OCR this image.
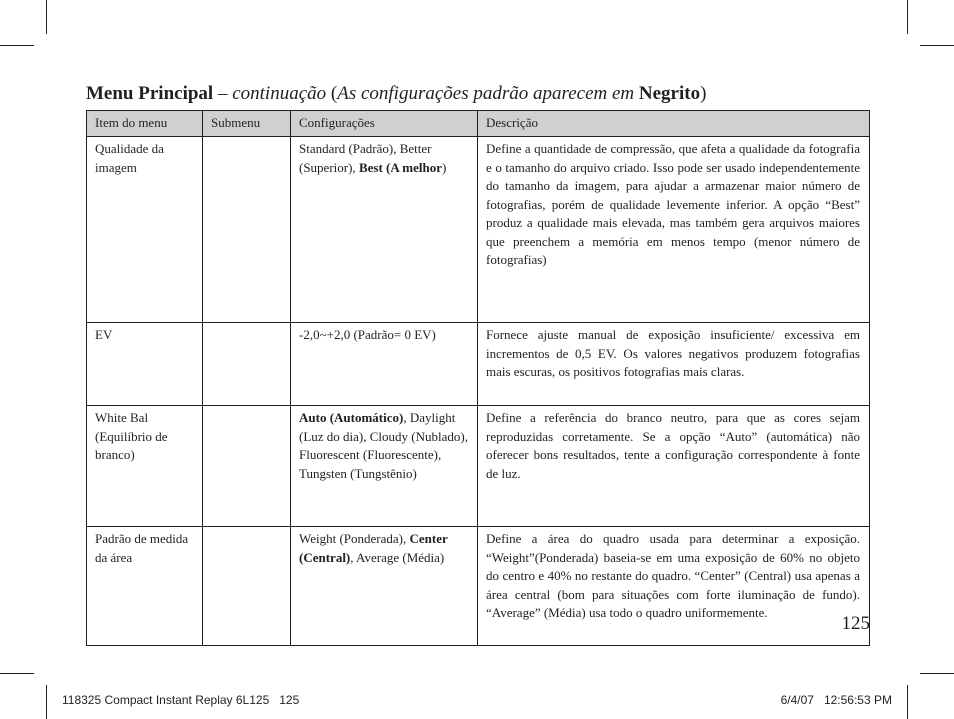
Menu Principal – continuação (As configurações padrão aparecem em Negrito)
Item do menu	Submenu	Configurações	Descrição
Qualidade da imagem		Standard (Padrão), Better (Superior), Best (A melhor)	Define a quantidade de compressão, que afeta a qualidade da fotografia e o tamanho do arquivo criado. Isso pode ser usado independentemente do tamanho da imagem, para ajudar a armazenar maior número de fotografias, porém de qualidade levemente inferior. A opção “Best” produz a qualidade mais elevada, mas também gera arquivos maiores que preenchem a memória em menos tempo (menor número de fotografias)
EV		-2,0~+2,0 (Padrão= 0 EV)	Fornece ajuste manual de exposição insuficiente/ excessiva em incrementos de 0,5 EV. Os valores negativos produzem fotografias mais escuras, os positivos fotografias mais claras.
White Bal (Equilíbrio de branco)		Auto (Automático), Daylight (Luz do dia), Cloudy (Nublado), Fluorescent (Fluorescente), Tungsten (Tungstênio)	Define a referência do branco neutro, para que as cores sejam reproduzidas corretamente. Se a opção “Auto” (automática) não oferecer bons resultados, tente a configuração correspondente à fonte de luz.
Padrão de medida da área		Weight (Ponderada), Center (Central), Average (Média)	Define a área do quadro usada para determinar a exposição. “Weight”(Ponderada) baseia-se em uma exposição de 60% no objeto do centro e 40% no restante do quadro. “Center” (Central) usa apenas a área central (bom para situações com forte iluminação de fundo). “Average” (Média) usa todo o quadro uniformemente.
125
118325 Compact Instant Replay 6L125   125	6/4/07   12:56:53 PM
